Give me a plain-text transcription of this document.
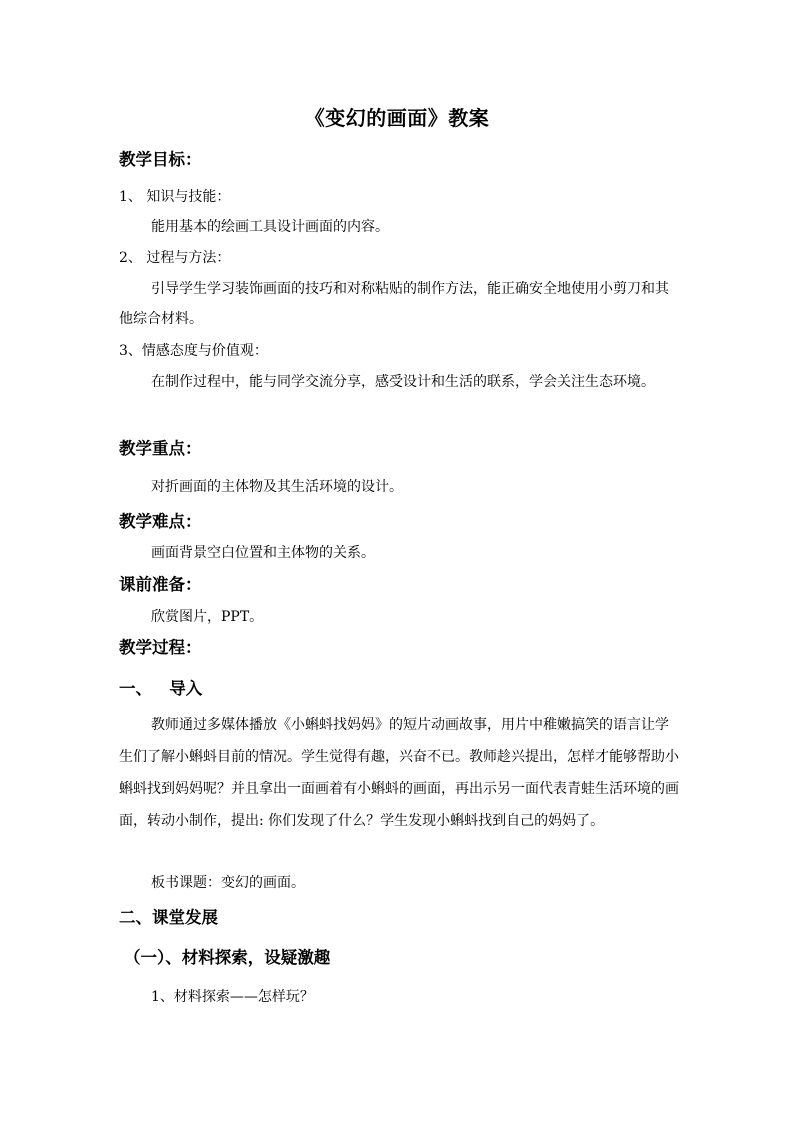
《变幻的画面》教案
教学目标：
1、 知识与技能：
能用基本的绘画工具设计画面的内容。
2、 过程与方法：

引导学生学习装饰画面的技巧和对称粘贴的制作方法，能正确安全地使用小剪刀和其他综合材料。

3、情感态度与价值观：

在制作过程中，能与同学交流分享，感受设计和生活的联系，学会关注生态环境。

教学重点：
对折画面的主体物及其生活环境的设计。
教学难点：
画面背景空白位置和主体物的关系。
课前准备：
欣赏图片，PPT。
教学过程：
一、   导入

教师通过多媒体播放《小蝌蚪找妈妈》的短片动画故事，用片中稚嫩搞笑的语言让学生们了解小蝌蚪目前的情况。学生觉得有趣，兴奋不已。教师趁兴提出，怎样才能够帮助小蝌蚪找到妈妈呢？并且拿出一面画着有小蝌蚪的画面，再出示另一面代表青蛙生活环境的画面，转动小制作，提出: 你们发现了什么？学生发现小蝌蚪找到自己的妈妈了。

板书课题：变幻的画面。
二、课堂发展
（一）、材料探索，设疑激趣
1、材料探索——怎样玩？
